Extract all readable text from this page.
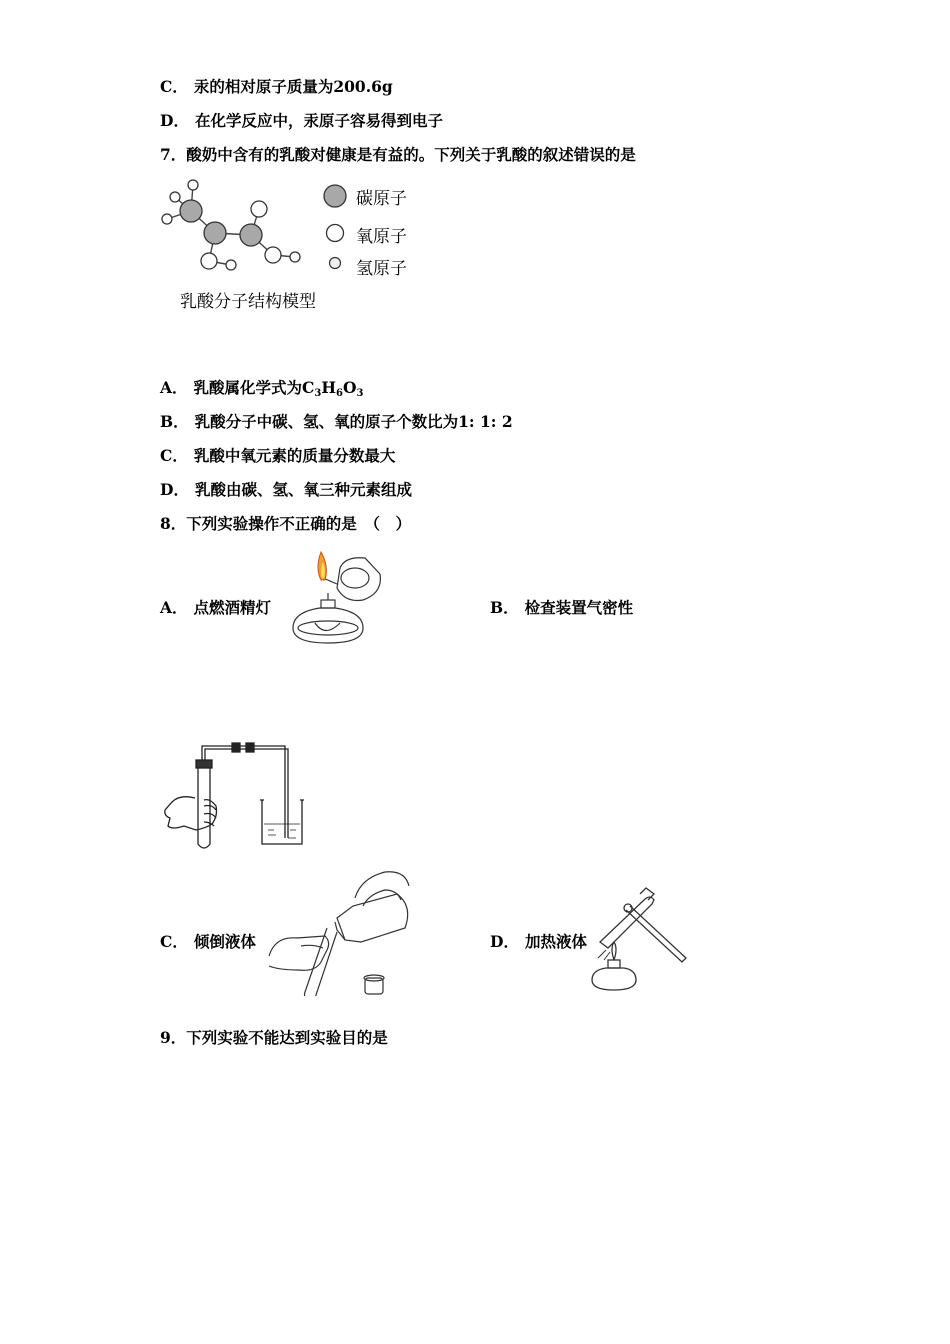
C． 汞的相对原子质量为200.6g
D． 在化学反应中，汞原子容易得到电子
7．酸奶中含有的乳酸对健康是有益的。下列关于乳酸的叙述错误的是
碳原子
氧原子
氢原子
乳酸分子结构模型
A． 乳酸属化学式为$C_3H_6O_3$
B． 乳酸分子中碳、氢、氧的原子个数比为1: 1: 2
C． 乳酸中氧元素的质量分数最大
D． 乳酸由碳、氢、氧三种元素组成
8．下列实验操作不正确的是　（　）
A． 点燃酒精灯	B． 检查装置气密性
C． 倾倒液体	D． 加热液体
9．下列实验不能达到实验目的是
